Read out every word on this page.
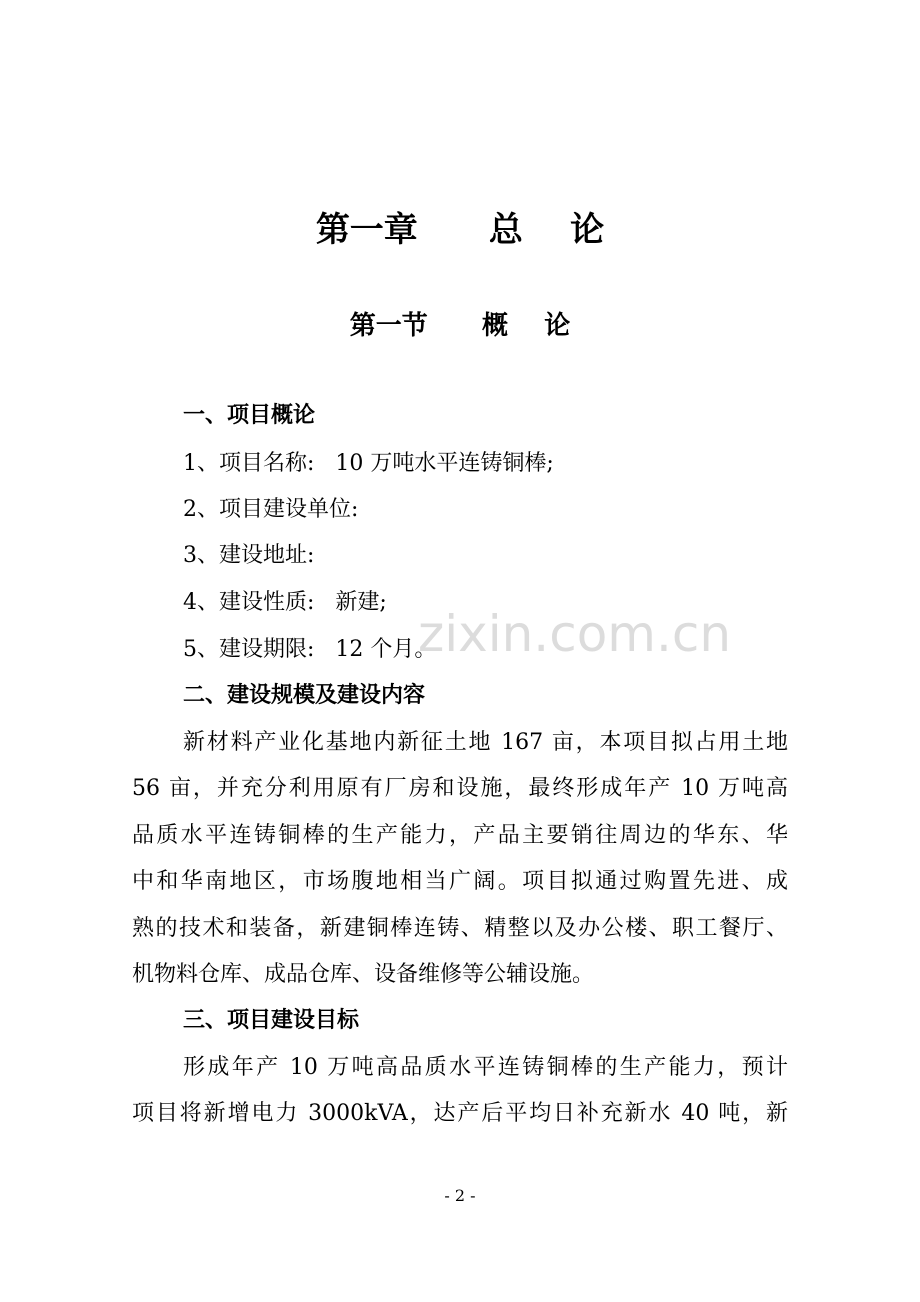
zixin.com.cn
第一章      总    论
第一节      概    论
一、项目概论
1、项目名称:   10 万吨水平连铸铜棒;
2、项目建设单位:
3、建设地址:
4、建设性质:   新建;
5、建设期限:   12 个月。
二、建设规模及建设内容
新材料产业化基地内新征土地 167 亩，本项目拟占用土地
56 亩，并充分利用原有厂房和设施，最终形成年产 10 万吨高
品质水平连铸铜棒的生产能力，产品主要销往周边的华东、华
中和华南地区，市场腹地相当广阔。项目拟通过购置先进、成
熟的技术和装备，新建铜棒连铸、精整以及办公楼、职工餐厅、
机物料仓库、成品仓库、设备维修等公辅设施。
三、项目建设目标
形成年产 10 万吨高品质水平连铸铜棒的生产能力，预计
项目将新增电力 3000kVA，达产后平均日补充新水 40 吨，新
- 2 -
